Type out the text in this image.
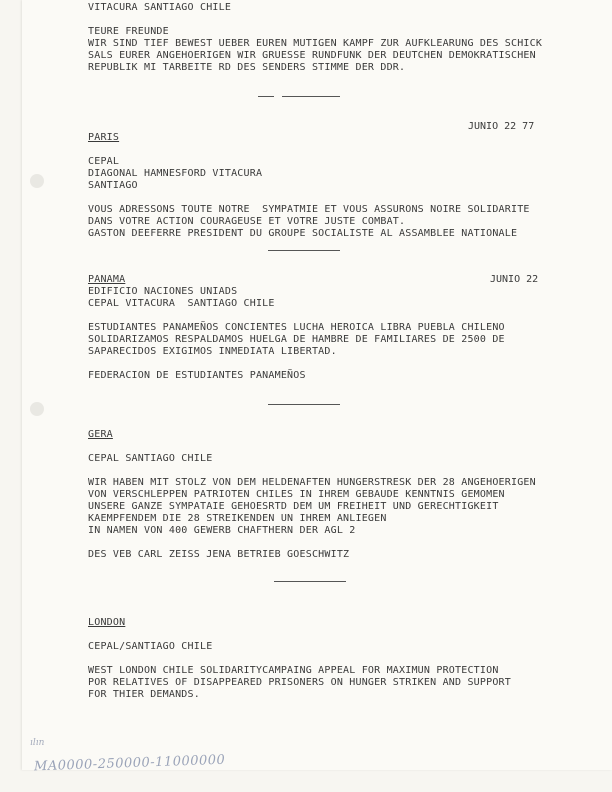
VITACURA SANTIAGO CHILE
TEURE FREUNDE
WIR SIND TIEF BEWEST UEBER EUREN MUTIGEN KAMPF ZUR AUFKLEARUNG DES SCHICK
SALS EURER ANGEHOERIGEN WIR GRUESSE RUNDFUNK DER DEUTCHEN DEMOKRATISCHEN
REPUBLIK MI TARBEITE RD DES SENDERS STIMME DER DDR.
JUNIO 22 77
PARIS
CEPAL
DIAGONAL HAMNESFORD VITACURA
SANTIAGO
VOUS ADRESSONS TOUTE NOTRE  SYMPATMIE ET VOUS ASSURONS NOIRE SOLIDARITE
DANS VOTRE ACTION COURAGEUSE ET VOTRE JUSTE COMBAT.
GASTON DEEFERRE PRESIDENT DU GROUPE SOCIALISTE AL ASSAMBLEE NATIONALE
JUNIO 22
PANAMA
EDIFICIO NACIONES UNIADS
CEPAL VITACURA  SANTIAGO CHILE
ESTUDIANTES PANAMEÑOS CONCIENTES LUCHA HEROICA LIBRA PUEBLA CHILENO
SOLIDARIZAMOS RESPALDAMOS HUELGA DE HAMBRE DE FAMILIARES DE 2500 DE
SAPARECIDOS EXIGIMOS INMEDIATA LIBERTAD.
FEDERACION DE ESTUDIANTES PANAMEÑOS
GERA
CEPAL SANTIAGO CHILE
WIR HABEN MIT STOLZ VON DEM HELDENAFTEN HUNGERSTRESK DER 28 ANGEHOERIGEN
VON VERSCHLEPPEN PATRIOTEN CHILES IN IHREM GEBAUDE KENNTNIS GEMOMEN
UNSERE GANZE SYMPATAIE GEHOESRTD DEM UM FREIHEIT UND GERECHTIGKEIT
KAEMPFENDEM DIE 28 STREIKENDEN UN IHREM ANLIEGEN
IN NAMEN VON 400 GEWERB CHAFTHERN DER AGL 2
DES VEB CARL ZEISS JENA BETRIEB GOESCHWITZ
LONDON
CEPAL/SANTIAGO CHILE
WEST LONDON CHILE SOLIDARITYCAMPAING APPEAL FOR MAXIMUN PROTECTION
POR RELATIVES OF DISAPPEARED PRISONERS ON HUNGER STRIKEN AND SUPPORT
FOR THIER DEMANDS.
ılın
MA0000-250000-11000000
